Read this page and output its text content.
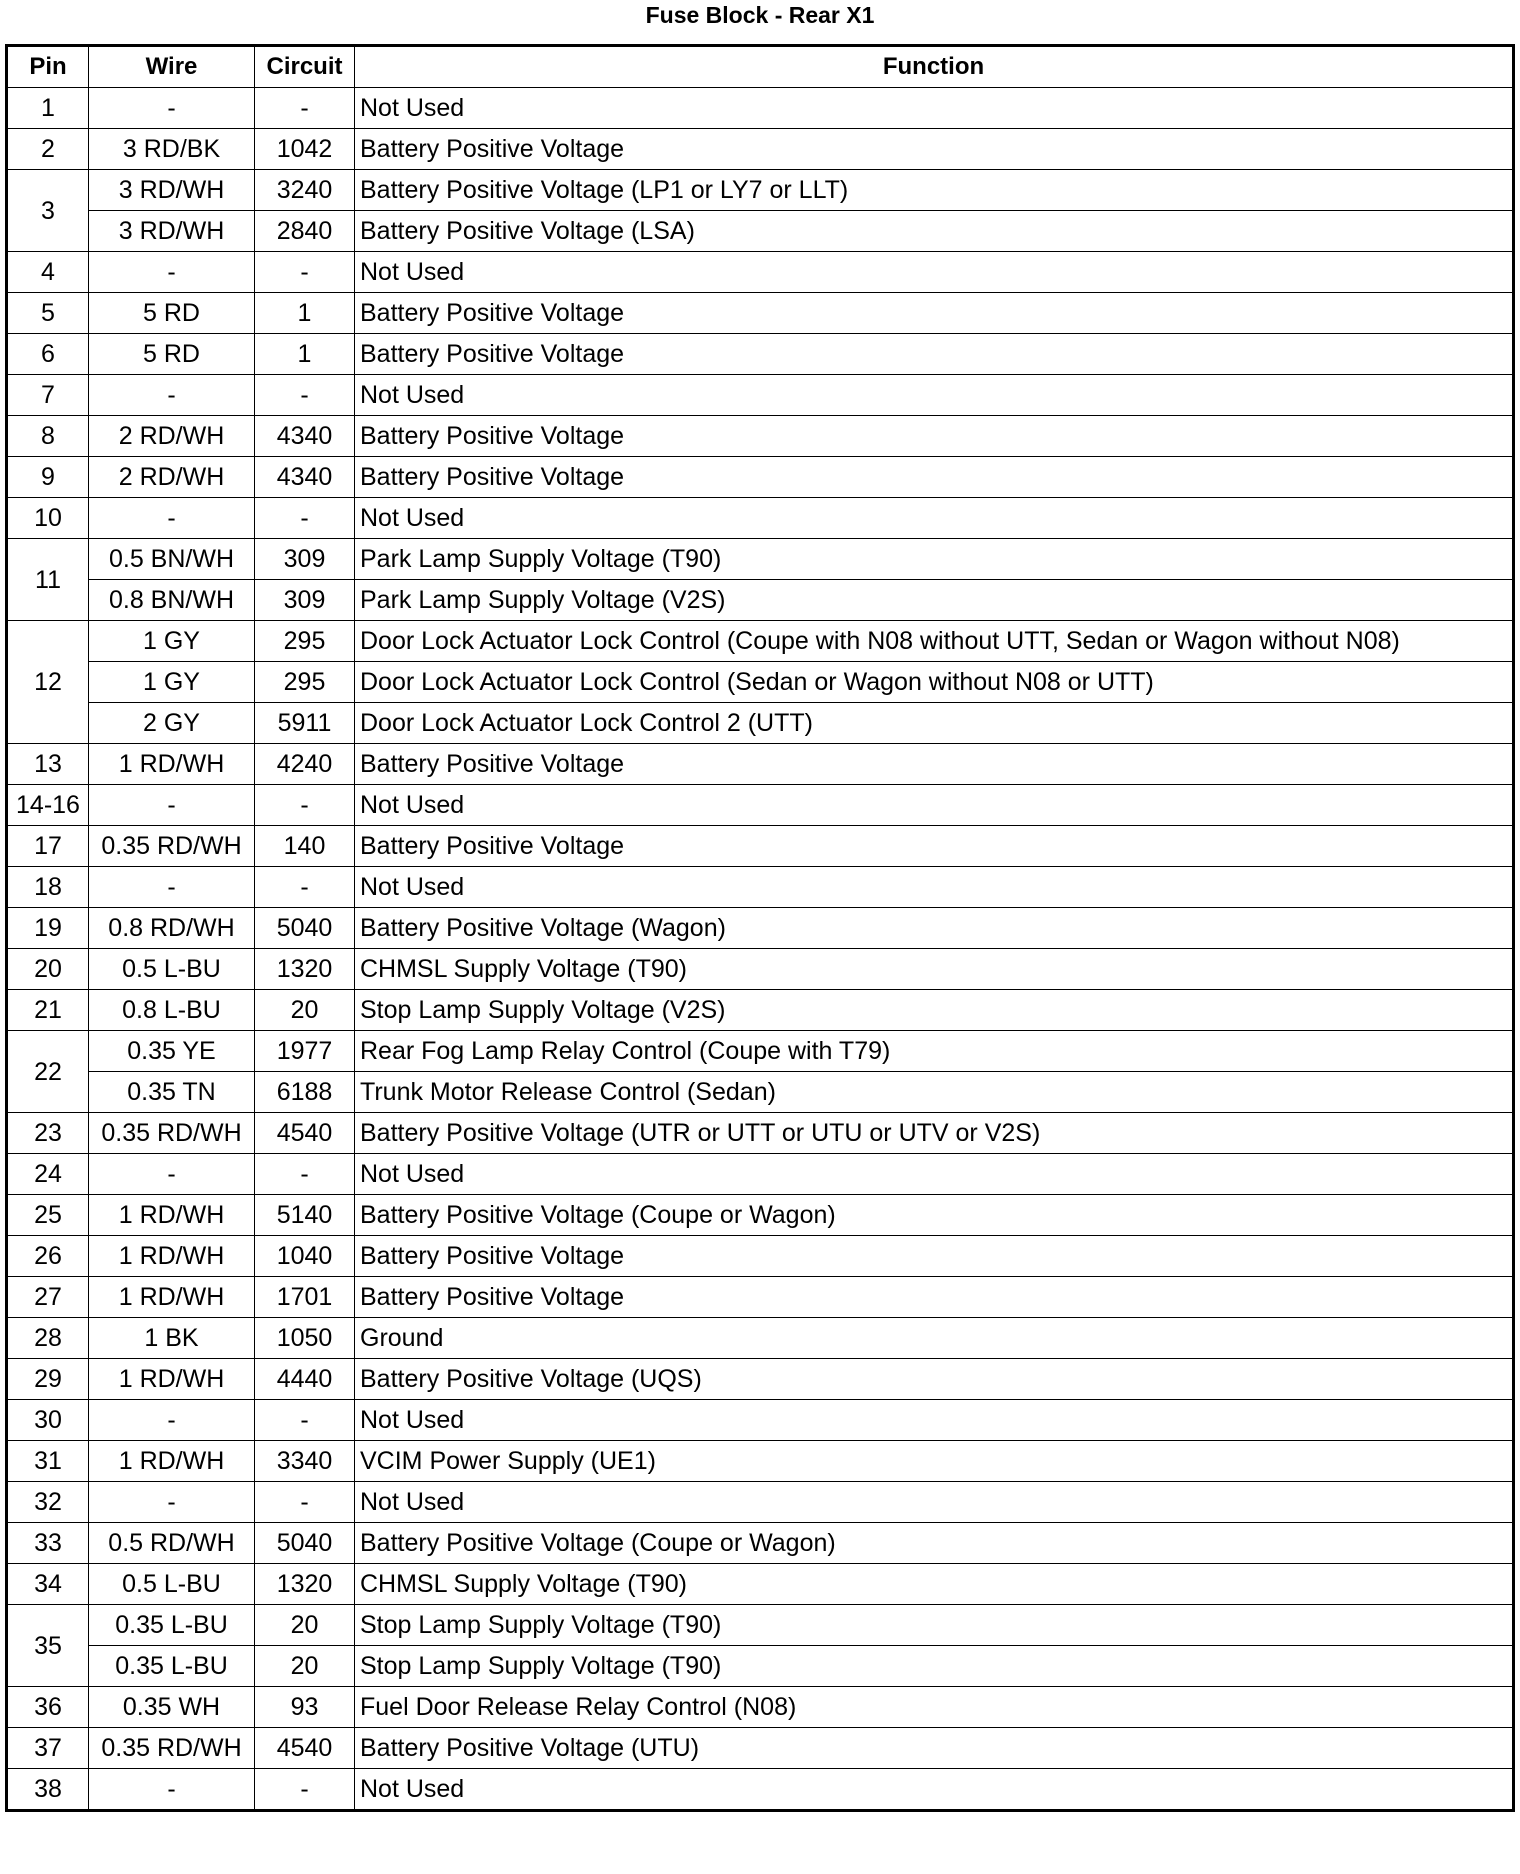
Fuse Block - Rear X1
Pin	Wire	Circuit	Function
1	-	-	Not Used
2	3 RD/BK	1042	Battery Positive Voltage
3	3 RD/WH	3240	Battery Positive Voltage (LP1 or LY7 or LLT)
	3 RD/WH	2840	Battery Positive Voltage (LSA)
4	-	-	Not Used
5	5 RD	1	Battery Positive Voltage
6	5 RD	1	Battery Positive Voltage
7	-	-	Not Used
8	2 RD/WH	4340	Battery Positive Voltage
9	2 RD/WH	4340	Battery Positive Voltage
10	-	-	Not Used
11	0.5 BN/WH	309	Park Lamp Supply Voltage (T90)
	0.8 BN/WH	309	Park Lamp Supply Voltage (V2S)
12	1 GY	295	Door Lock Actuator Lock Control (Coupe with N08 without UTT, Sedan or Wagon without N08)
	1 GY	295	Door Lock Actuator Lock Control (Sedan or Wagon without N08 or UTT)
	2 GY	5911	Door Lock Actuator Lock Control 2 (UTT)
13	1 RD/WH	4240	Battery Positive Voltage
14-16	-	-	Not Used
17	0.35 RD/WH	140	Battery Positive Voltage
18	-	-	Not Used
19	0.8 RD/WH	5040	Battery Positive Voltage (Wagon)
20	0.5 L-BU	1320	CHMSL Supply Voltage (T90)
21	0.8 L-BU	20	Stop Lamp Supply Voltage (V2S)
22	0.35 YE	1977	Rear Fog Lamp Relay Control (Coupe with T79)
	0.35 TN	6188	Trunk Motor Release Control (Sedan)
23	0.35 RD/WH	4540	Battery Positive Voltage (UTR or UTT or UTU or UTV or V2S)
24	-	-	Not Used
25	1 RD/WH	5140	Battery Positive Voltage (Coupe or Wagon)
26	1 RD/WH	1040	Battery Positive Voltage
27	1 RD/WH	1701	Battery Positive Voltage
28	1 BK	1050	Ground
29	1 RD/WH	4440	Battery Positive Voltage (UQS)
30	-	-	Not Used
31	1 RD/WH	3340	VCIM Power Supply (UE1)
32	-	-	Not Used
33	0.5 RD/WH	5040	Battery Positive Voltage (Coupe or Wagon)
34	0.5 L-BU	1320	CHMSL Supply Voltage (T90)
35	0.35 L-BU	20	Stop Lamp Supply Voltage (T90)
	0.35 L-BU	20	Stop Lamp Supply Voltage (T90)
36	0.35 WH	93	Fuel Door Release Relay Control (N08)
37	0.35 RD/WH	4540	Battery Positive Voltage (UTU)
38	-	-	Not Used
